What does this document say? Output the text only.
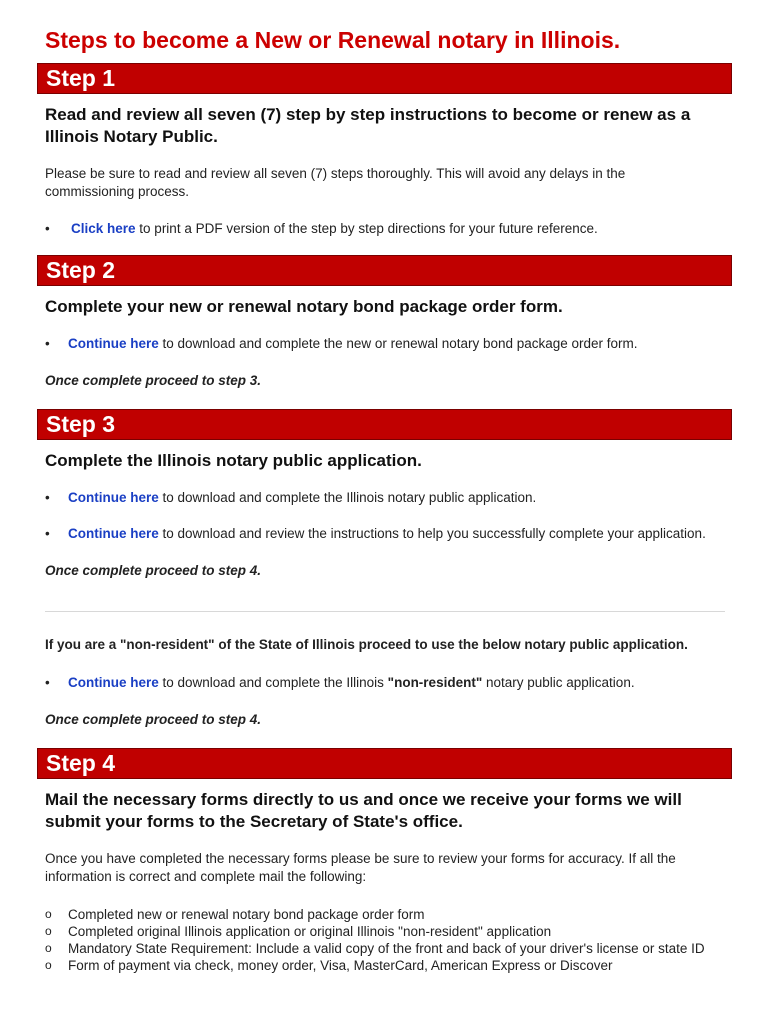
Steps to become a New or Renewal notary in Illinois.
Step 1

Read and review all seven (7) step by step instructions to become or renew as a Illinois Notary Public.

Please be sure to read and review all seven (7) steps thoroughly. This will avoid any delays in the commissioning process.

• Click here to print a PDF version of the step by step directions for your future reference.
Step 2

Complete your new or renewal notary bond package order form.

• Continue here to download and complete the new or renewal notary bond package order form.

Once complete proceed to step 3.

Step 3

Complete the Illinois notary public application.

• Continue here to download and complete the Illinois notary public application.
• Continue here to download and review the instructions to help you successfully complete your application.

Once complete proceed to step 4.

If you are a "non-resident" of the State of Illinois proceed to use the below notary public application.

• Continue here to download and complete the Illinois "non-resident" notary public application.

Once complete proceed to step 4.

Step 4

Mail the necessary forms directly to us and once we receive your forms we will submit your forms to the Secretary of State's office.

Once you have completed the necessary forms please be sure to review your forms for accuracy. If all the information is correct and complete mail the following:

o Completed new or renewal notary bond package order form
o Completed original Illinois application or original Illinois "non-resident" application
o Mandatory State Requirement: Include a valid copy of the front and back of your driver's license or state ID
o Form of payment via check, money order, Visa, MasterCard, American Express or Discover
